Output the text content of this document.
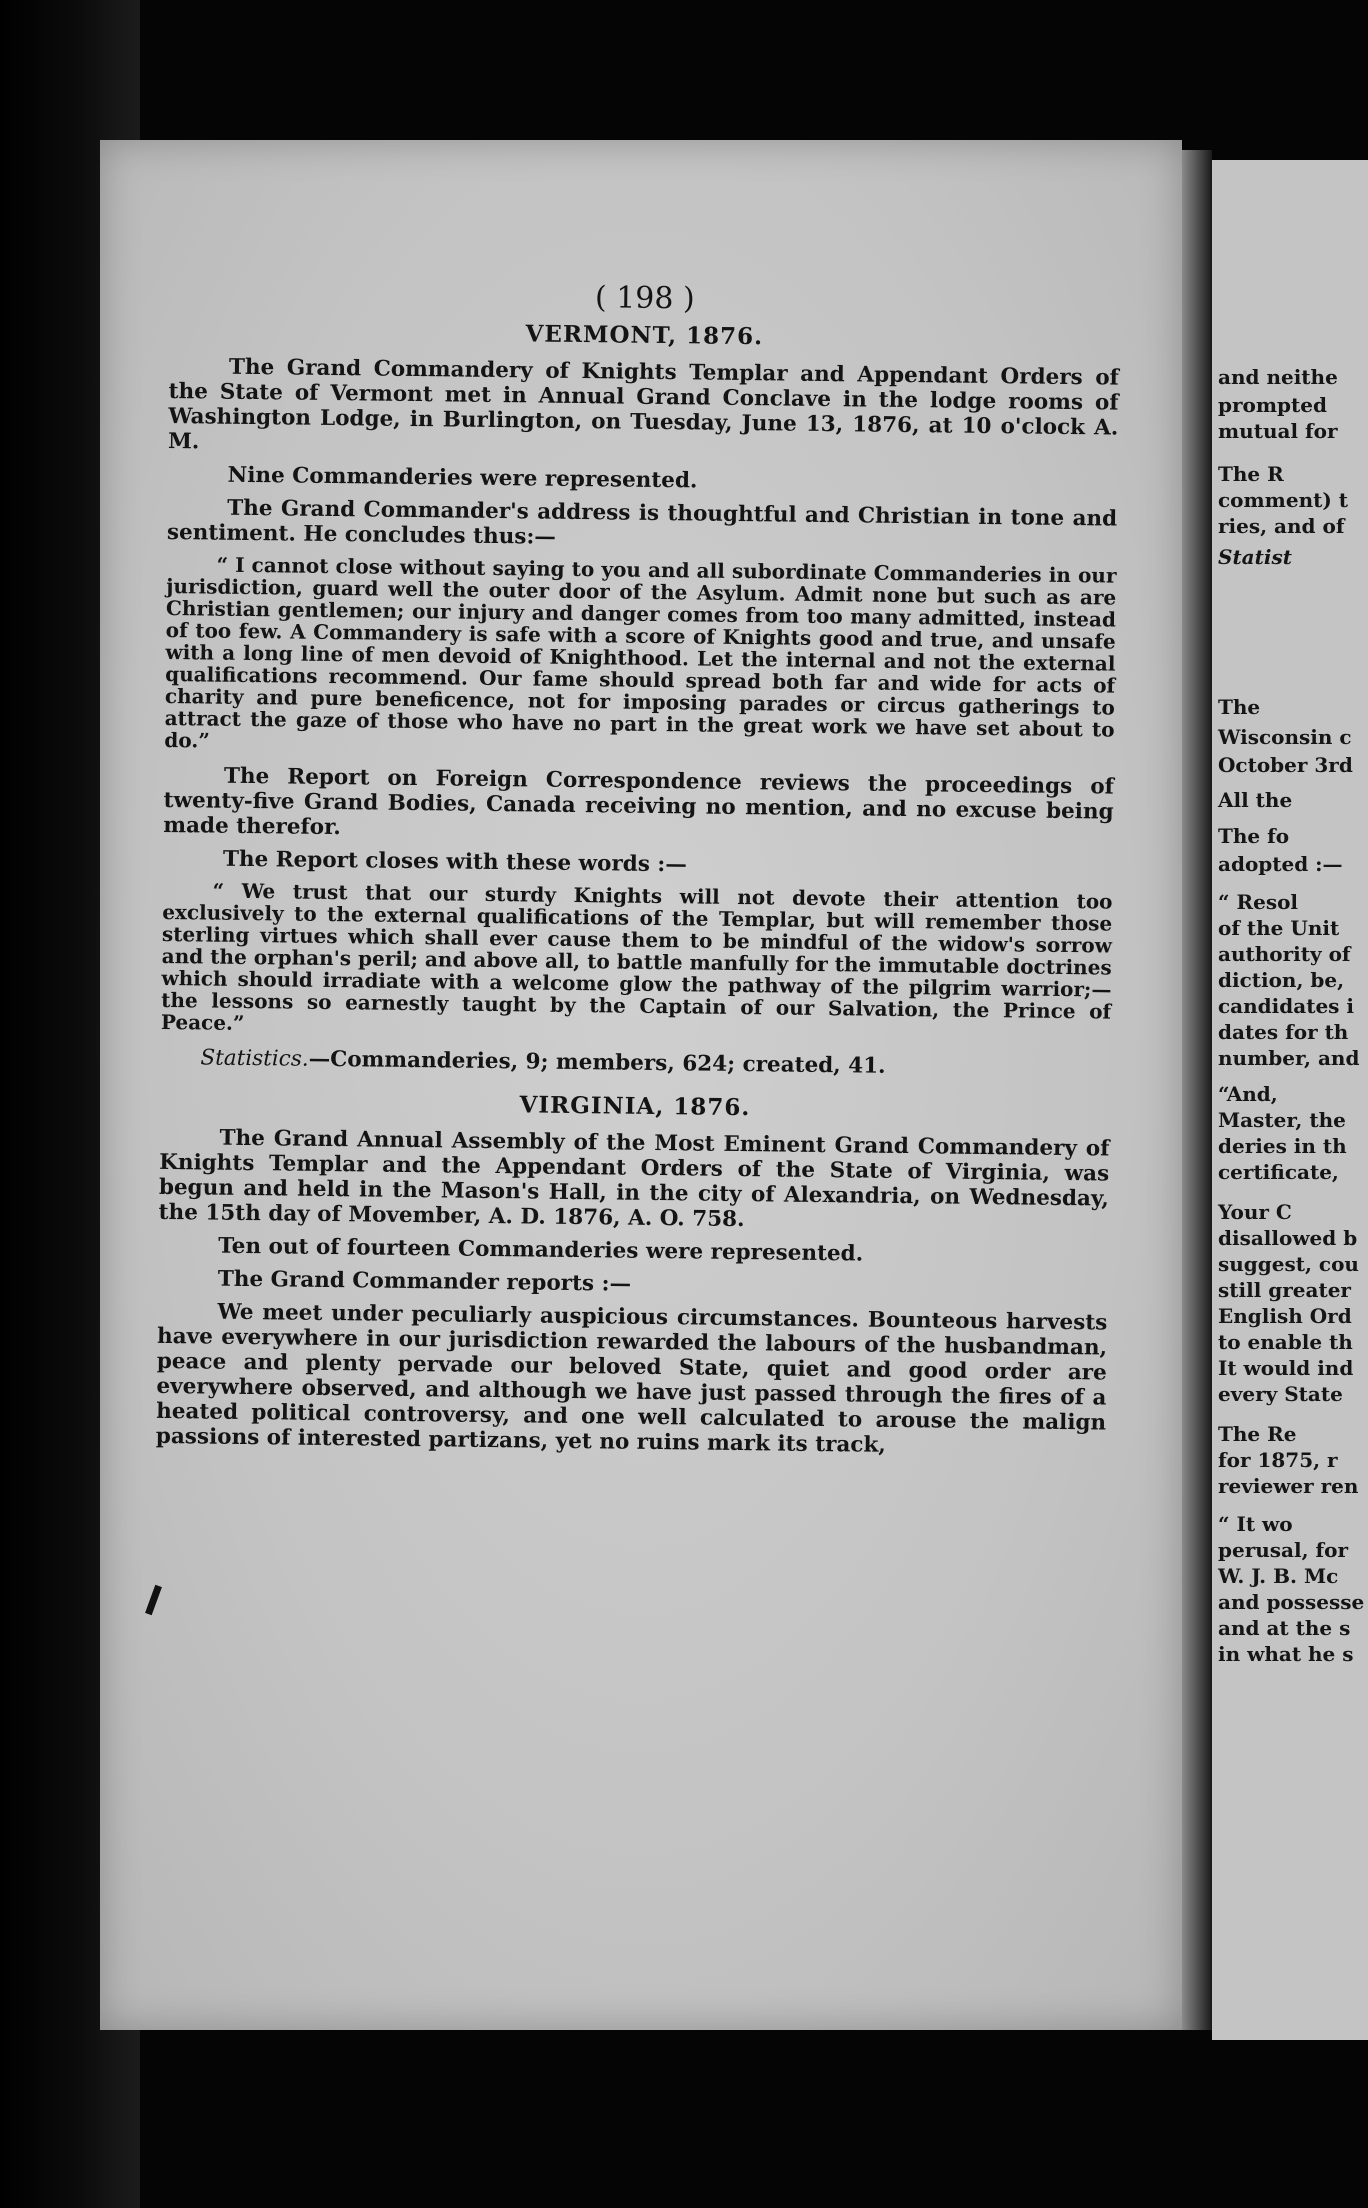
( 198 )
VERMONT, 1876.

The Grand Commandery of Knights Templar and Appendant Orders of the State of Vermont met in Annual Grand Conclave in the lodge rooms of Washington Lodge, in Burlington, on Tuesday, June 13, 1876, at 10 o'clock A. M.

Nine Commanderies were represented.

The Grand Commander's address is thoughtful and Christian in tone and sentiment. He concludes thus:—

“ I cannot close without saying to you and all subordinate Commanderies in our jurisdiction, guard well the outer door of the Asylum. Admit none but such as are Christian gentlemen; our injury and danger comes from too many admitted, instead of too few. A Commandery is safe with a score of Knights good and true, and unsafe with a long line of men devoid of Knighthood. Let the internal and not the external qualifications recommend. Our fame should spread both far and wide for acts of charity and pure beneficence, not for imposing parades or circus gatherings to attract the gaze of those who have no part in the great work we have set about to do.”

The Report on Foreign Correspondence reviews the proceedings of twenty-five Grand Bodies, Canada receiving no mention, and no excuse being made therefor.

The Report closes with these words :—

“ We trust that our sturdy Knights will not devote their attention too exclusively to the external qualifications of the Templar, but will remember those sterling virtues which shall ever cause them to be mindful of the widow's sorrow and the orphan's peril; and above all, to battle manfully for the immutable doctrines which should irradiate with a welcome glow the pathway of the pilgrim warrior;—the lessons so earnestly taught by the Captain of our Salvation, the Prince of Peace.”

Statistics.—Commanderies, 9; members, 624; created, 41.

VIRGINIA, 1876.

The Grand Annual Assembly of the Most Eminent Grand Commandery of Knights Templar and the Appendant Orders of the State of Virginia, was begun and held in the Mason's Hall, in the city of Alexandria, on Wednesday, the 15th day of Movember, A. D. 1876, A. O. 758.

Ten out of fourteen Commanderies were represented.

The Grand Commander reports :—

We meet under peculiarly auspicious circumstances. Bounteous harvests have everywhere in our jurisdiction rewarded the labours of the husbandman, peace and plenty pervade our beloved State, quiet and good order are everywhere observed, and although we have just passed through the fires of a heated political controversy, and one well calculated to arouse the malign passions of interested partizans, yet no ruins mark its track,

and neithe
prompted
mutual for
The R
comment) t
ries, and of
Statist
The
Wisconsin c
October 3rd
All the
The fo
adopted :—
“ Resol
of the Unit
authority of
diction, be,
candidates i
dates for th
number, and
“And,
Master, the
deries in th
certificate,
Your C
disallowed b
suggest, cou
still greater
English Ord
to enable th
It would ind
every State
The Re
for 1875, r
reviewer ren
“ It wo
perusal, for
W. J. B. Mc
and possesse
and at the s
in what he s
